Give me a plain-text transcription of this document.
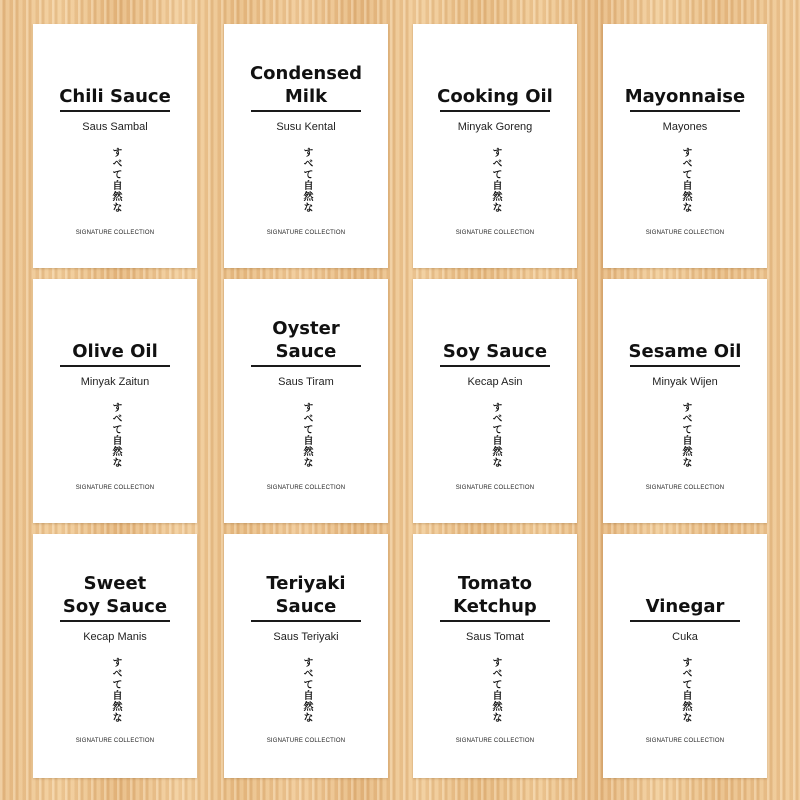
Chili Sauce
Saus Sambal
すべて自然な
SIGNATURE COLLECTION
Condensed
Milk
Susu Kental
すべて自然な
SIGNATURE COLLECTION
Cooking Oil
Minyak Goreng
すべて自然な
SIGNATURE COLLECTION
Mayonnaise
Mayones
すべて自然な
SIGNATURE COLLECTION
Olive Oil
Minyak Zaitun
すべて自然な
SIGNATURE COLLECTION
Oyster
Sauce
Saus Tiram
すべて自然な
SIGNATURE COLLECTION
Soy Sauce
Kecap Asin
すべて自然な
SIGNATURE COLLECTION
Sesame Oil
Minyak Wijen
すべて自然な
SIGNATURE COLLECTION
Sweet
Soy Sauce
Kecap Manis
すべて自然な
SIGNATURE COLLECTION
Teriyaki
Sauce
Saus Teriyaki
すべて自然な
SIGNATURE COLLECTION
Tomato
Ketchup
Saus Tomat
すべて自然な
SIGNATURE COLLECTION
Vinegar
Cuka
すべて自然な
SIGNATURE COLLECTION
